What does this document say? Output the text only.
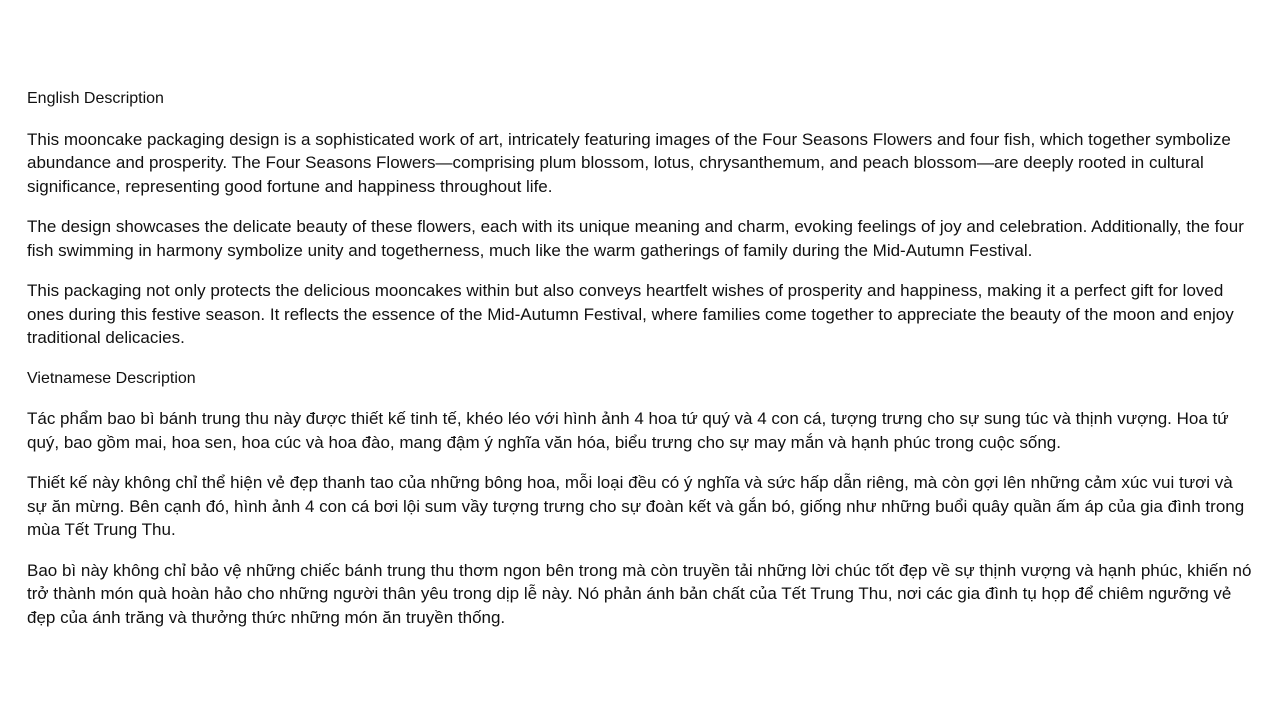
English Description

This mooncake packaging design is a sophisticated work of art, intricately featuring images of the Four Seasons Flowers and four fish, which together symbolize abundance and prosperity. The Four Seasons Flowers—comprising plum blossom, lotus, chrysanthemum, and peach blossom—are deeply rooted in cultural significance, representing good fortune and happiness throughout life.

The design showcases the delicate beauty of these flowers, each with its unique meaning and charm, evoking feelings of joy and celebration. Additionally, the four fish swimming in harmony symbolize unity and togetherness, much like the warm gatherings of family during the Mid-Autumn Festival.

This packaging not only protects the delicious mooncakes within but also conveys heartfelt wishes of prosperity and happiness, making it a perfect gift for loved ones during this festive season. It reflects the essence of the Mid-Autumn Festival, where families come together to appreciate the beauty of the moon and enjoy traditional delicacies.

Vietnamese Description

Tác phẩm bao bì bánh trung thu này được thiết kế tinh tế, khéo léo với hình ảnh 4 hoa tứ quý và 4 con cá, tượng trưng cho sự sung túc và thịnh vượng. Hoa tứ quý, bao gồm mai, hoa sen, hoa cúc và hoa đào, mang đậm ý nghĩa văn hóa, biểu trưng cho sự may mắn và hạnh phúc trong cuộc sống.

Thiết kế này không chỉ thể hiện vẻ đẹp thanh tao của những bông hoa, mỗi loại đều có ý nghĩa và sức hấp dẫn riêng, mà còn gợi lên những cảm xúc vui tươi và sự ăn mừng. Bên cạnh đó, hình ảnh 4 con cá bơi lội sum vầy tượng trưng cho sự đoàn kết và gắn bó, giống như những buổi quây quần ấm áp của gia đình trong mùa Tết Trung Thu.

Bao bì này không chỉ bảo vệ những chiếc bánh trung thu thơm ngon bên trong mà còn truyền tải những lời chúc tốt đẹp về sự thịnh vượng và hạnh phúc, khiến nó trở thành món quà hoàn hảo cho những người thân yêu trong dịp lễ này. Nó phản ánh bản chất của Tết Trung Thu, nơi các gia đình tụ họp để chiêm ngưỡng vẻ đẹp của ánh trăng và thưởng thức những món ăn truyền thống.
